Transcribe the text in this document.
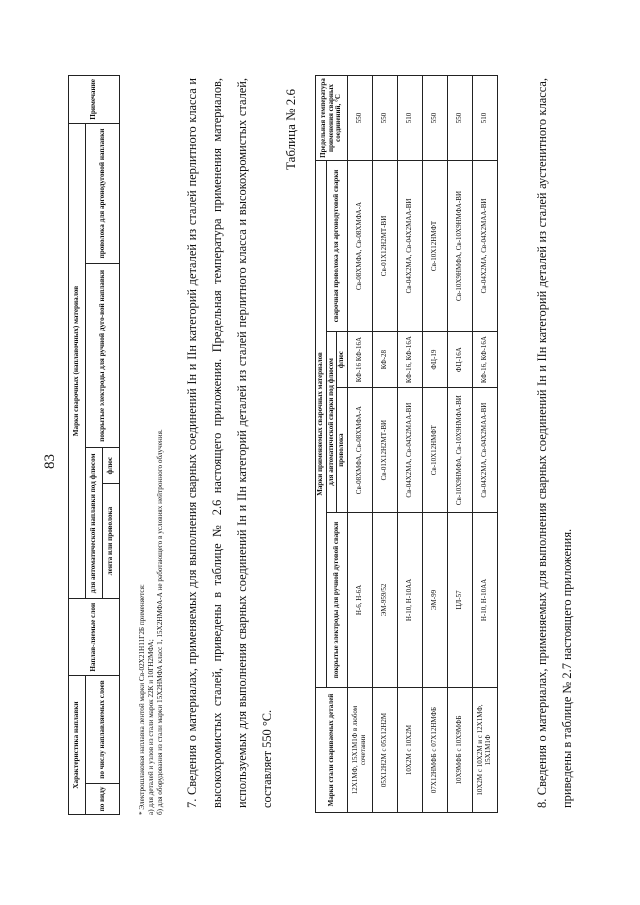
83
Характеристика наплавки		Наплав-ляемые слои	Марки сварочных (наплавочных) материалов				Примечание
по виду	по числу наплавляемых слоев		для автоматической наплавки под флюсом		покрытые электроды для ручной дуго-вой наплавки	проволока для аргонодуговой наплавки	
			лента или проволока	флюс			
* Электрошлаковая наплавка лентой марки Св-02Х21Н11Г2Б применяется: а) для деталей и узлов из стали марок 22К и 10ГН2МФА; б) для оборудования из стали марки 15Х2НМФА класс 1, 15Х2НМФА-А не работающего в условиях нейтронного облучения.	7. Сведения о материалах, применяемых для выполнения сварных соединений Iн и IIн категорий деталей из сталей перлитного класса и высокохромистых сталей, приведены в таблице № 2.6 настоящего приложения. Предельная температура применения материалов, используемых для выполнения сварных соединений Iн и IIн категорий деталей из сталей перлитного класса и высокохромистых сталей, составляет 550 °С.
Таблица № 2.6
Марки стали свариваемых деталей	Марки применяемых сварочных материалов				Предельная температура применения сварных соединений, °С
	покрытые электроды для ручной дуговой сварки	для автоматической сварки под флюсом		сварочная проволока для аргонодуговой сварки	
		проволока	флюс		
12Х1МФ, 15Х1М1Ф в любом сочетании	Н-6, Н-6А	Св-08ХМФА, Св-08ХМФА-А	КФ-16 КФ-16А	Св-08ХМФА, Св-08ХМФА-А	550
05Х12Н2М с 05Х12Н2М	ЭМ-959/52	Св-01Х12Н2МТ-ВИ	КФ-28	Св-01Х12Н2МТ-ВИ	550
10Х2М с 10Х2М	Н-10, Н-10АА	Св-04Х2МА, Св-04Х2МАА-ВИ	КФ-16, КФ-16А	Св-04Х2МА, Св-04Х2МАА-ВИ	510
07Х12НМФБ с 07Х12НМФБ	ЭМ-99	Св-10Х12НМФТ	ФЦ-19	Св-10Х12НМФТ	550
10Х9МФБ с 10Х9МФБ	ЦЛ-57	Св-10Х9НМФА, Св-10Х9НМФА-ВИ	ФЦ-16А	Св-10Х9НМФА, Св-10Х9НМФА-ВИ	550
10Х2М с 10Х2М и с 12Х1МФ, 15Х1М1Ф	Н-10, Н-10АА	Св-04Х2МА, Св-04Х2МАА-ВИ	КФ-16, КФ-16А	Св-04Х2МА, Св-04Х2МАА-ВИ	510	8. Сведения о материалах, применяемых для выполнения сварных соединений Iн и IIн категорий деталей из сталей аустенитного класса, приведены в таблице № 2.7 настоящего приложения.
